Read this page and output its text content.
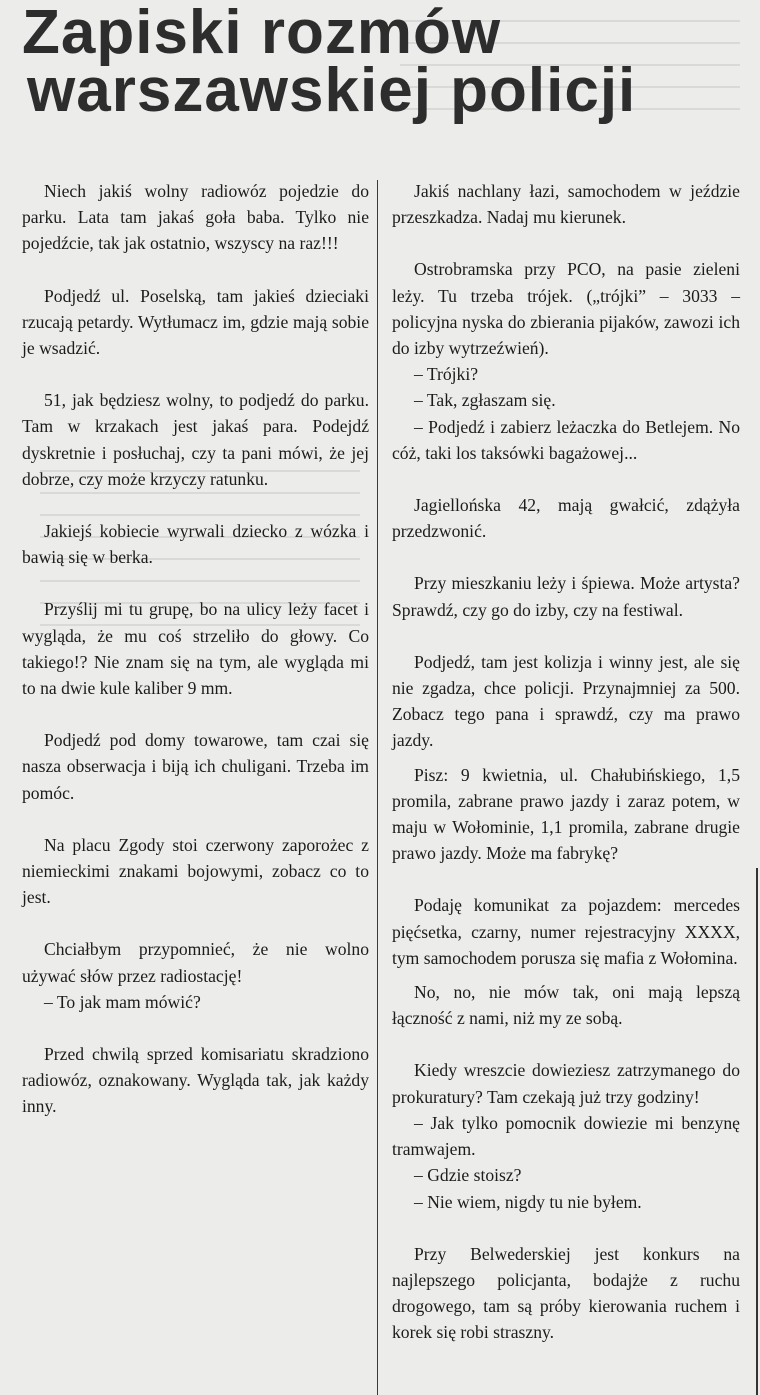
Zapiski rozmów
warszawskiej policji

Niech jakiś wolny radiowóz pojedzie do parku. Lata tam jakaś goła baba. Tylko nie pojedźcie, tak jak ostatnio, wszyscy na raz!!!

Podjedź ul. Poselską, tam jakieś dzieciaki rzucają petardy. Wytłumacz im, gdzie mają sobie je wsadzić.

51, jak będziesz wolny, to podjedź do parku. Tam w krzakach jest jakaś para. Podejdź dyskretnie i posłuchaj, czy ta pani mówi, że jej dobrze, czy może krzyczy ratunku.

Jakiejś kobiecie wyrwali dziecko z wózka i bawią się w berka.

Przyślij mi tu grupę, bo na ulicy leży facet i wygląda, że mu coś strzeliło do głowy. Co takiego!? Nie znam się na tym, ale wygląda mi to na dwie kule kaliber 9 mm.

Podjedź pod domy towarowe, tam czai się nasza obserwacja i biją ich chuligani. Trzeba im pomóc.

Na placu Zgody stoi czerwony zaporożec z niemieckimi znakami bojowymi, zobacz co to jest.

Chciałbym przypomnieć, że nie wolno używać słów przez radiostację!

– To jak mam mówić?

Przed chwilą sprzed komisariatu skradziono radiowóz, oznakowany. Wygląda tak, jak każdy inny.

Jakiś nachlany łazi, samochodem w jeździe przeszkadza. Nadaj mu kierunek.

Ostrobramska przy PCO, na pasie zieleni leży. Tu trzeba trójek. („trójki” – 3033 – policyjna nyska do zbierania pijaków, zawozi ich do izby wytrzeźwień).

– Trójki?

– Tak, zgłaszam się.

– Podjedź i zabierz leżaczka do Betlejem. No cóż, taki los taksówki bagażowej...

Jagiellońska 42, mają gwałcić, zdążyła przedzwonić.

Przy mieszkaniu leży i śpiewa. Może artysta? Sprawdź, czy go do izby, czy na festiwal.

Podjedź, tam jest kolizja i winny jest, ale się nie zgadza, chce policji. Przynajmniej za 500. Zobacz tego pana i sprawdź, czy ma prawo jazdy.

Pisz: 9 kwietnia, ul. Chałubińskiego, 1,5 promila, zabrane prawo jazdy i zaraz potem, w maju w Wołominie, 1,1 promila, zabrane drugie prawo jazdy. Może ma fabrykę?

Podaję komunikat za pojazdem: mercedes pięćsetka, czarny, numer rejestracyjny XXXX, tym samochodem porusza się mafia z Wołomina.

No, no, nie mów tak, oni mają lepszą łączność z nami, niż my ze sobą.

Kiedy wreszcie dowieziesz zatrzymanego do prokuratury? Tam czekają już trzy godziny!

– Jak tylko pomocnik dowiezie mi benzynę tramwajem.

– Gdzie stoisz?

– Nie wiem, nigdy tu nie byłem.

Przy Belwederskiej jest konkurs na najlepszego policjanta, bodajże z ruchu drogowego, tam są próby kierowania ruchem i korek się robi straszny.
